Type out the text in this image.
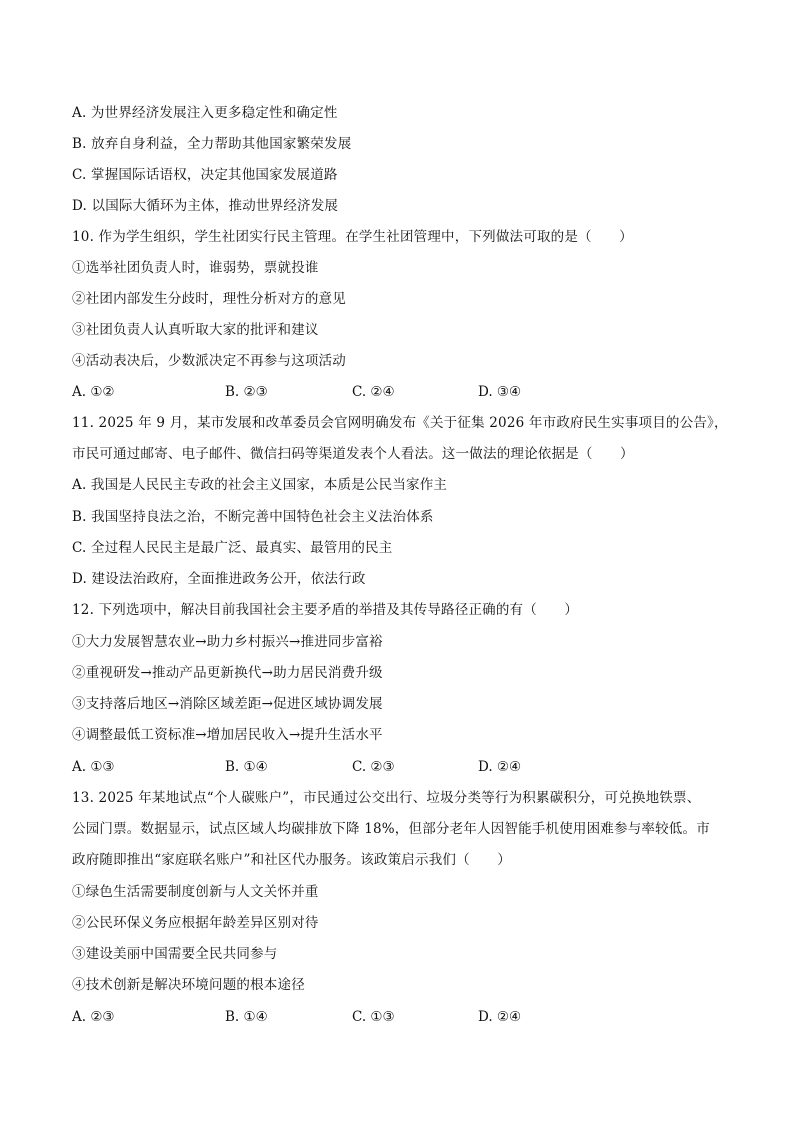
A. 为世界经济发展注入更多稳定性和确定性
B. 放弃自身利益，全力帮助其他国家繁荣发展
C. 掌握国际话语权，决定其他国家发展道路
D. 以国际大循环为主体，推动世界经济发展
10. 作为学生组织，学生社团实行民主管理。在学生社团管理中，下列做法可取的是（　　）
①选举社团负责人时，谁弱势，票就投谁
②社团内部发生分歧时，理性分析对方的意见
③社团负责人认真听取大家的批评和建议
④活动表决后，少数派决定不再参与这项活动
A. ①②	B. ②③	C. ②④	D. ③④
11. 2025 年 9 月，某市发展和改革委员会官网明确发布《关于征集 2026 年市政府民生实事项目的公告》，
市民可通过邮寄、电子邮件、微信扫码等渠道发表个人看法。这一做法的理论依据是（　　）
A. 我国是人民民主专政的社会主义国家，本质是公民当家作主
B. 我国坚持良法之治，不断完善中国特色社会主义法治体系
C. 全过程人民民主是最广泛、最真实、最管用的民主
D. 建设法治政府，全面推进政务公开，依法行政
12. 下列选项中，解决目前我国社会主要矛盾的举措及其传导路径正确的有（　　）
①大力发展智慧农业→助力乡村振兴→推进同步富裕
②重视研发→推动产品更新换代→助力居民消费升级
③支持落后地区→消除区域差距→促进区域协调发展
④调整最低工资标准→增加居民收入→提升生活水平
A. ①③	B. ①④	C. ②③	D. ②④
13. 2025 年某地试点“个人碳账户”，市民通过公交出行、垃圾分类等行为积累碳积分，可兑换地铁票、
公园门票。数据显示，试点区域人均碳排放下降 18%，但部分老年人因智能手机使用困难参与率较低。市
政府随即推出“家庭联名账户”和社区代办服务。该政策启示我们（　　）
①绿色生活需要制度创新与人文关怀并重
②公民环保义务应根据年龄差异区别对待
③建设美丽中国需要全民共同参与
④技术创新是解决环境问题的根本途径
A. ②③	B. ①④	C. ①③	D. ②④
